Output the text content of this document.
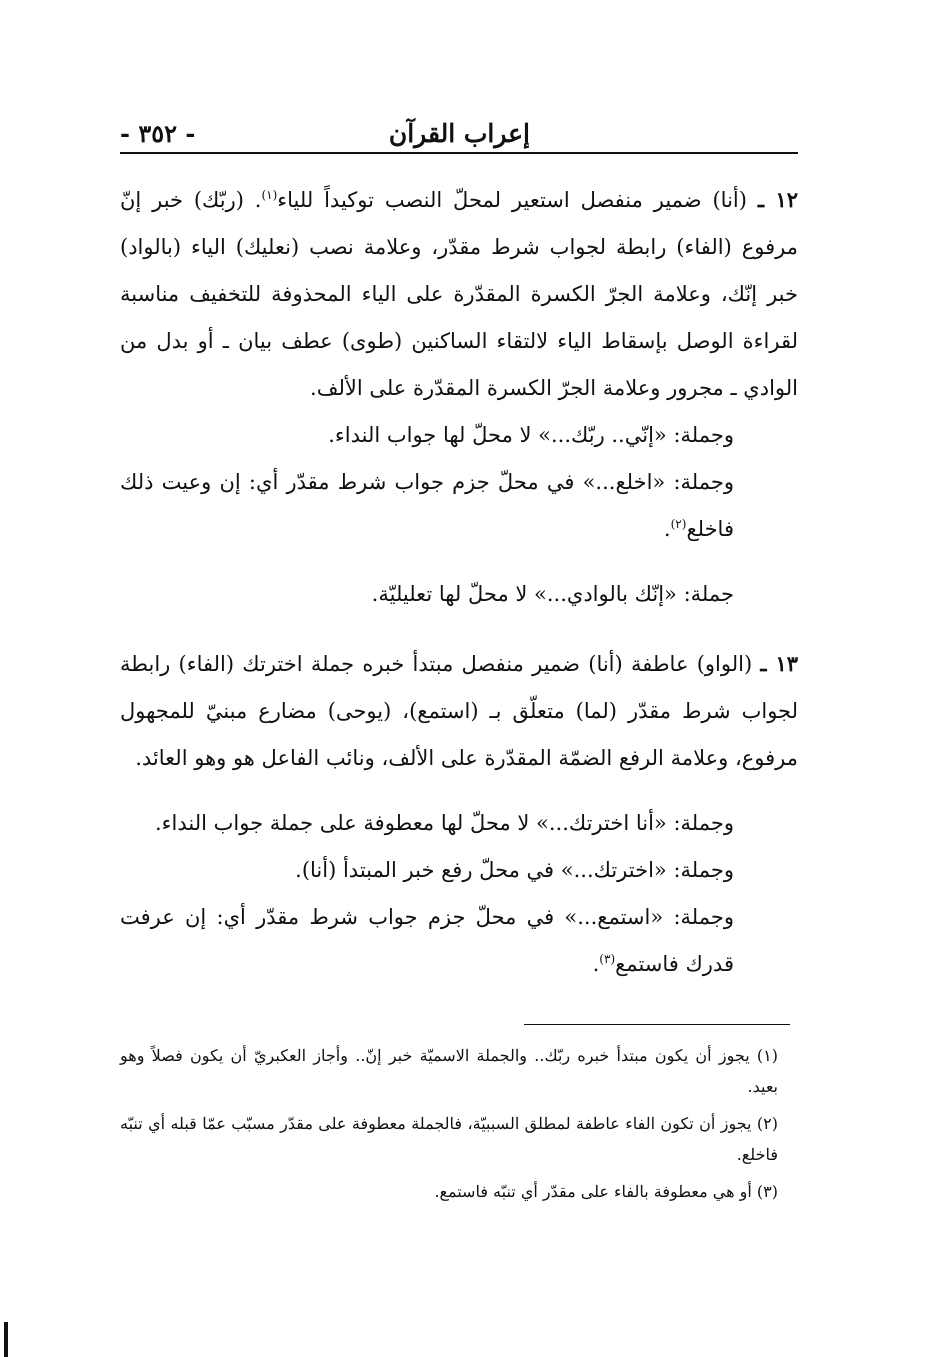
إعراب القرآن
- ٣٥٢ -

١٢ ـ (أنا) ضمير منفصل استعير لمحلّ النصب توكيداً للياء$^{(١)}$. (ربّك) خبر إنّ مرفوع (الفاء) رابطة لجواب شرط مقدّر، وعلامة نصب (نعليك) الياء (بالواد) خبر إنّك، وعلامة الجرّ الكسرة المقدّرة على الياء المحذوفة للتخفيف مناسبة لقراءة الوصل بإسقاط الياء لالتقاء الساكنين (طوى) عطف بيان ـ أو بدل من الوادي ـ مجرور وعلامة الجرّ الكسرة المقدّرة على الألف.

وجملة: «إنّي.. ربّك...» لا محلّ لها جواب النداء.

وجملة: «اخلع...» في محلّ جزم جواب شرط مقدّر أي: إن وعيت ذلك فاخلع$^{(٢)}$.

جملة: «إنّك بالوادي...» لا محلّ لها تعليليّة.

١٣ ـ (الواو) عاطفة (أنا) ضمير منفصل مبتدأ خبره جملة اخترتك (الفاء) رابطة لجواب شرط مقدّر (لما) متعلّق بـ (استمع)، (يوحى) مضارع مبنيّ للمجهول مرفوع، وعلامة الرفع الضمّة المقدّرة على الألف، ونائب الفاعل هو وهو العائد.

وجملة: «أنا اخترتك...» لا محلّ لها معطوفة على جملة جواب النداء.

وجملة: «اخترتك...» في محلّ رفع خبر المبتدأ (أنا).

وجملة: «استمع...» في محلّ جزم جواب شرط مقدّر أي: إن عرفت قدرك فاستمع$^{(٣)}$.

(١) يجوز أن يكون مبتدأ خبره ربّك.. والجملة الاسميّة خبر إنّ.. وأجاز العكبريّ أن يكون فصلاً وهو بعيد.

(٢) يجوز أن تكون الفاء عاطفة لمطلق السببيّة، فالجملة معطوفة على مقدّر مسبّب عمّا قبله أي تنبّه فاخلع.

(٣) أو هي معطوفة بالفاء على مقدّر أي تنبّه فاستمع.
